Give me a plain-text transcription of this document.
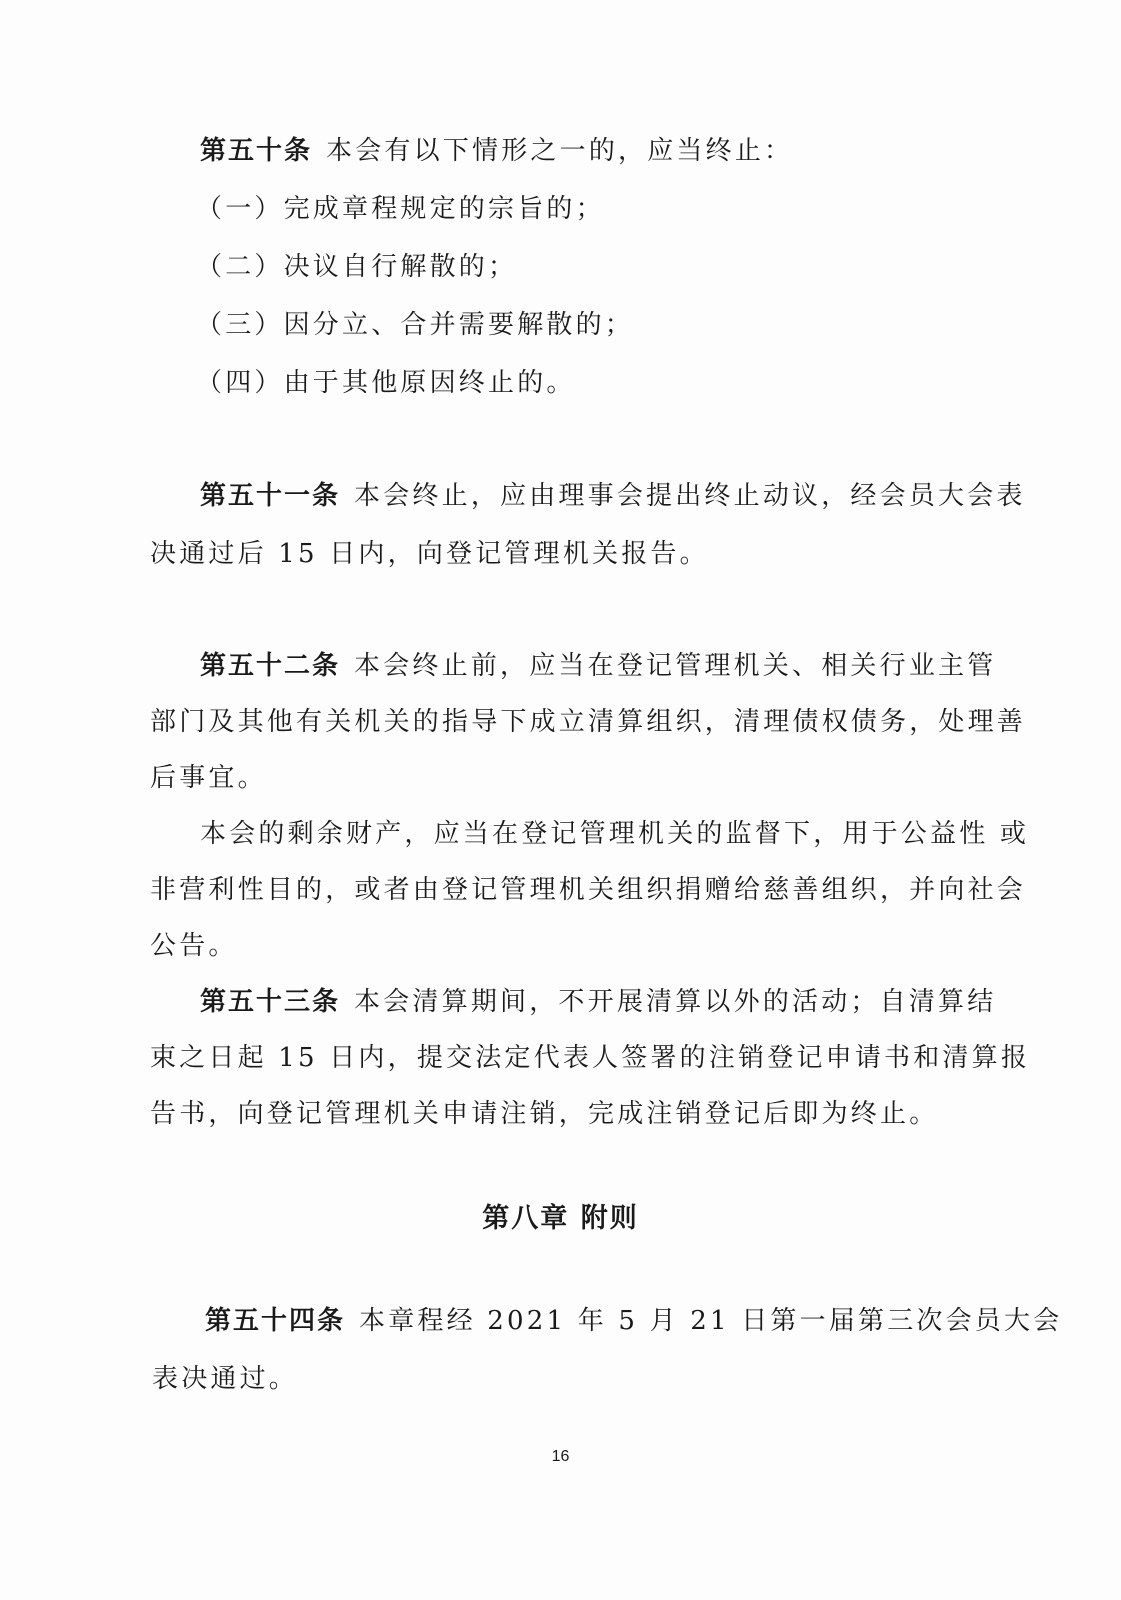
第五十条 本会有以下情形之一的，应当终止：
（一）完成章程规定的宗旨的；
（二）决议自行解散的；
（三）因分立、合并需要解散的；
（四）由于其他原因终止的。
第五十一条 本会终止，应由理事会提出终止动议，经会员大会表
决通过后 15 日内，向登记管理机关报告。
第五十二条 本会终止前，应当在登记管理机关、相关行业主管
部门及其他有关机关的指导下成立清算组织，清理债权债务，处理善
后事宜。
本会的剩余财产，应当在登记管理机关的监督下，用于公益性 或
非营利性目的，或者由登记管理机关组织捐赠给慈善组织，并向社会
公告。
第五十三条 本会清算期间，不开展清算以外的活动；自清算结
束之日起 15 日内，提交法定代表人签署的注销登记申请书和清算报
告书，向登记管理机关申请注销，完成注销登记后即为终止。
第八章 附则
第五十四条 本章程经 2021 年 5 月 21 日第一届第三次会员大会
表决通过。
16
